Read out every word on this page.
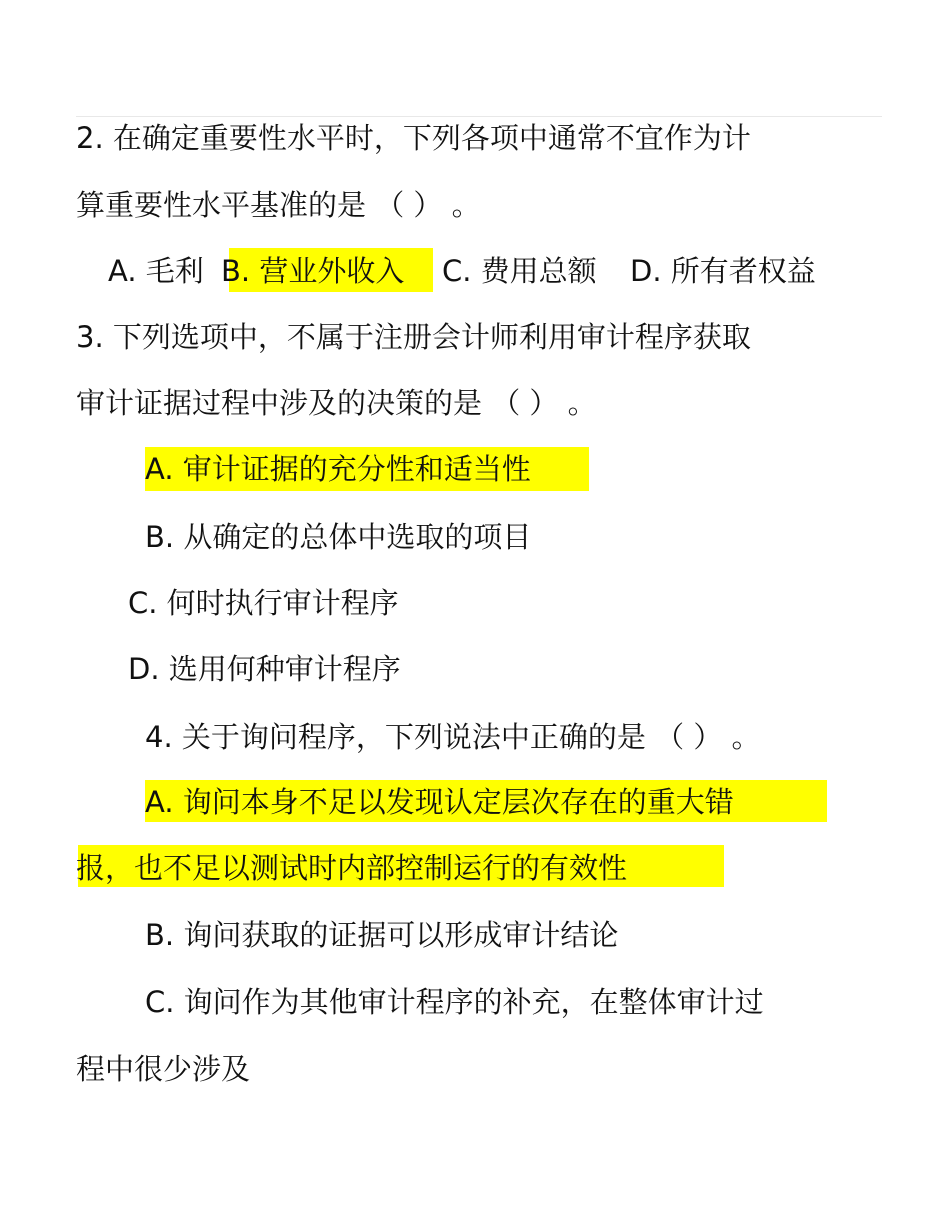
2. 在确定重要性水平时，下列各项中通常不宜作为计
算重要性水平基准的是 （ ） 。
A. 毛利 B. 营业外收入 C. 费用总额 D. 所有者权益
3. 下列选项中，不属于注册会计师利用审计程序获取
审计证据过程中涉及的决策的是 （ ） 。
A. 审计证据的充分性和适当性
B. 从确定的总体中选取的项目
C. 何时执行审计程序
D. 选用何种审计程序
4. 关于询问程序，下列说法中正确的是 （ ） 。
A. 询问本身不足以发现认定层次存在的重大错
报，也不足以测试时内部控制运行的有效性
B. 询问获取的证据可以形成审计结论
C. 询问作为其他审计程序的补充，在整体审计过
程中很少涉及
